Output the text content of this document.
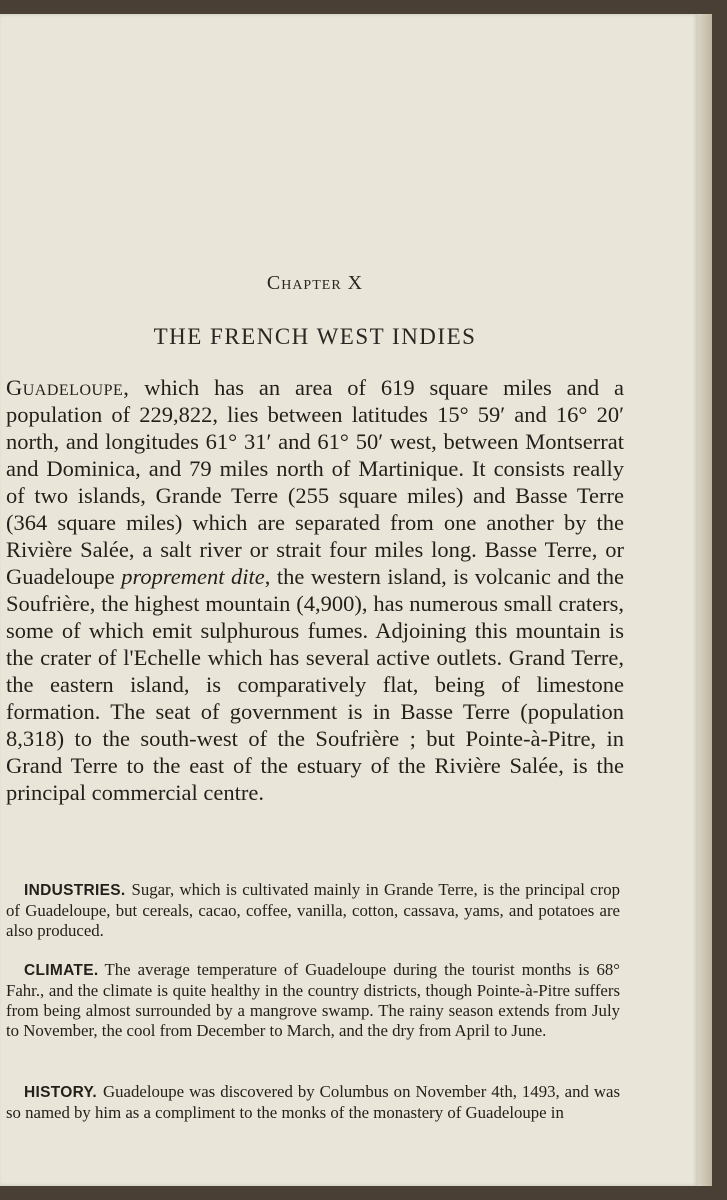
Chapter X
THE FRENCH WEST INDIES
Guadeloupe, which has an area of 619 square miles and a population of 229,822, lies between latitudes 15° 59′ and 16° 20′ north, and longitudes 61° 31′ and 61° 50′ west, between Montserrat and Dominica, and 79 miles north of Martinique. It consists really of two islands, Grande Terre (255 square miles) and Basse Terre (364 square miles) which are separated from one another by the Rivière Salée, a salt river or strait four miles long. Basse Terre, or Guadeloupe proprement dite, the western island, is volcanic and the Soufrière, the highest mountain (4,900), has numerous small craters, some of which emit sulphurous fumes. Adjoining this mountain is the crater of l'Echelle which has several active outlets. Grand Terre, the eastern island, is comparatively flat, being of limestone formation. The seat of government is in Basse Terre (population 8,318) to the south-west of the Soufrière ; but Pointe-à-Pitre, in Grand Terre to the east of the estuary of the Rivière Salée, is the principal commercial centre.
INDUSTRIES. Sugar, which is cultivated mainly in Grande Terre, is the principal crop of Guadeloupe, but cereals, cacao, coffee, vanilla, cotton, cassava, yams, and potatoes are also produced.
CLIMATE. The average temperature of Guadeloupe during the tourist months is 68° Fahr., and the climate is quite healthy in the country districts, though Pointe-à-Pitre suffers from being almost surrounded by a mangrove swamp. The rainy season extends from July to November, the cool from December to March, and the dry from April to June.
HISTORY. Guadeloupe was discovered by Columbus on November 4th, 1493, and was so named by him as a compliment to the monks of the monastery of Guadeloupe in
